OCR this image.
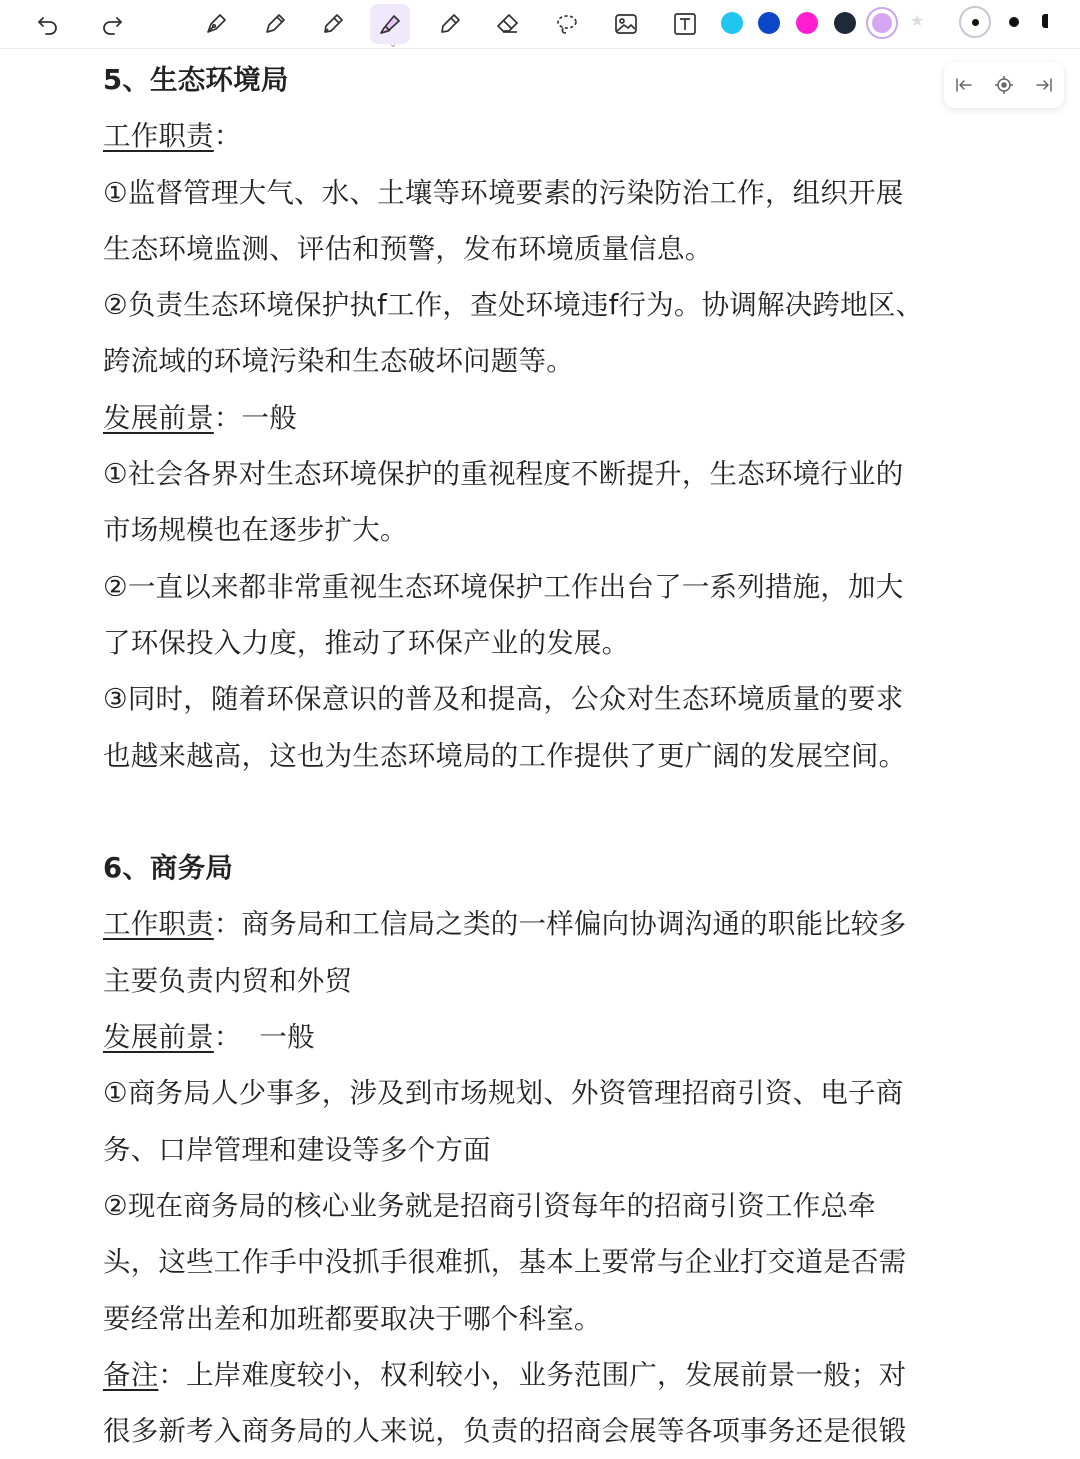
⌄
★
5、生态环境局
工作职责：
①监督管理大气、水、土壤等环境要素的污染防治工作，组织开展
生态环境监测、评估和预警，发布环境质量信息。
②负责生态环境保护执f工作，查处环境违f行为。协调解决跨地区、
跨流域的环境污染和生态破坏问题等。
发展前景：一般
①社会各界对生态环境保护的重视程度不断提升，生态环境行业的
市场规模也在逐步扩大。
②一直以来都非常重视生态环境保护工作出台了一系列措施，加大
了环保投入力度，推动了环保产业的发展。
③同时，随着环保意识的普及和提高，公众对生态环境质量的要求
也越来越高，这也为生态环境局的工作提供了更广阔的发展空间。
6、商务局
工作职责：商务局和工信局之类的一样偏向协调沟通的职能比较多
主要负责内贸和外贸
发展前景：  一般
①商务局人少事多，涉及到市场规划、外资管理招商引资、电子商
务、口岸管理和建设等多个方面
②现在商务局的核心业务就是招商引资每年的招商引资工作总牵
头，这些工作手中没抓手很难抓，基本上要常与企业打交道是否需
要经常出差和加班都要取决于哪个科室。
备注：上岸难度较小，权利较小，业务范围广，发展前景一般；对
很多新考入商务局的人来说，负责的招商会展等各项事务还是很锻
